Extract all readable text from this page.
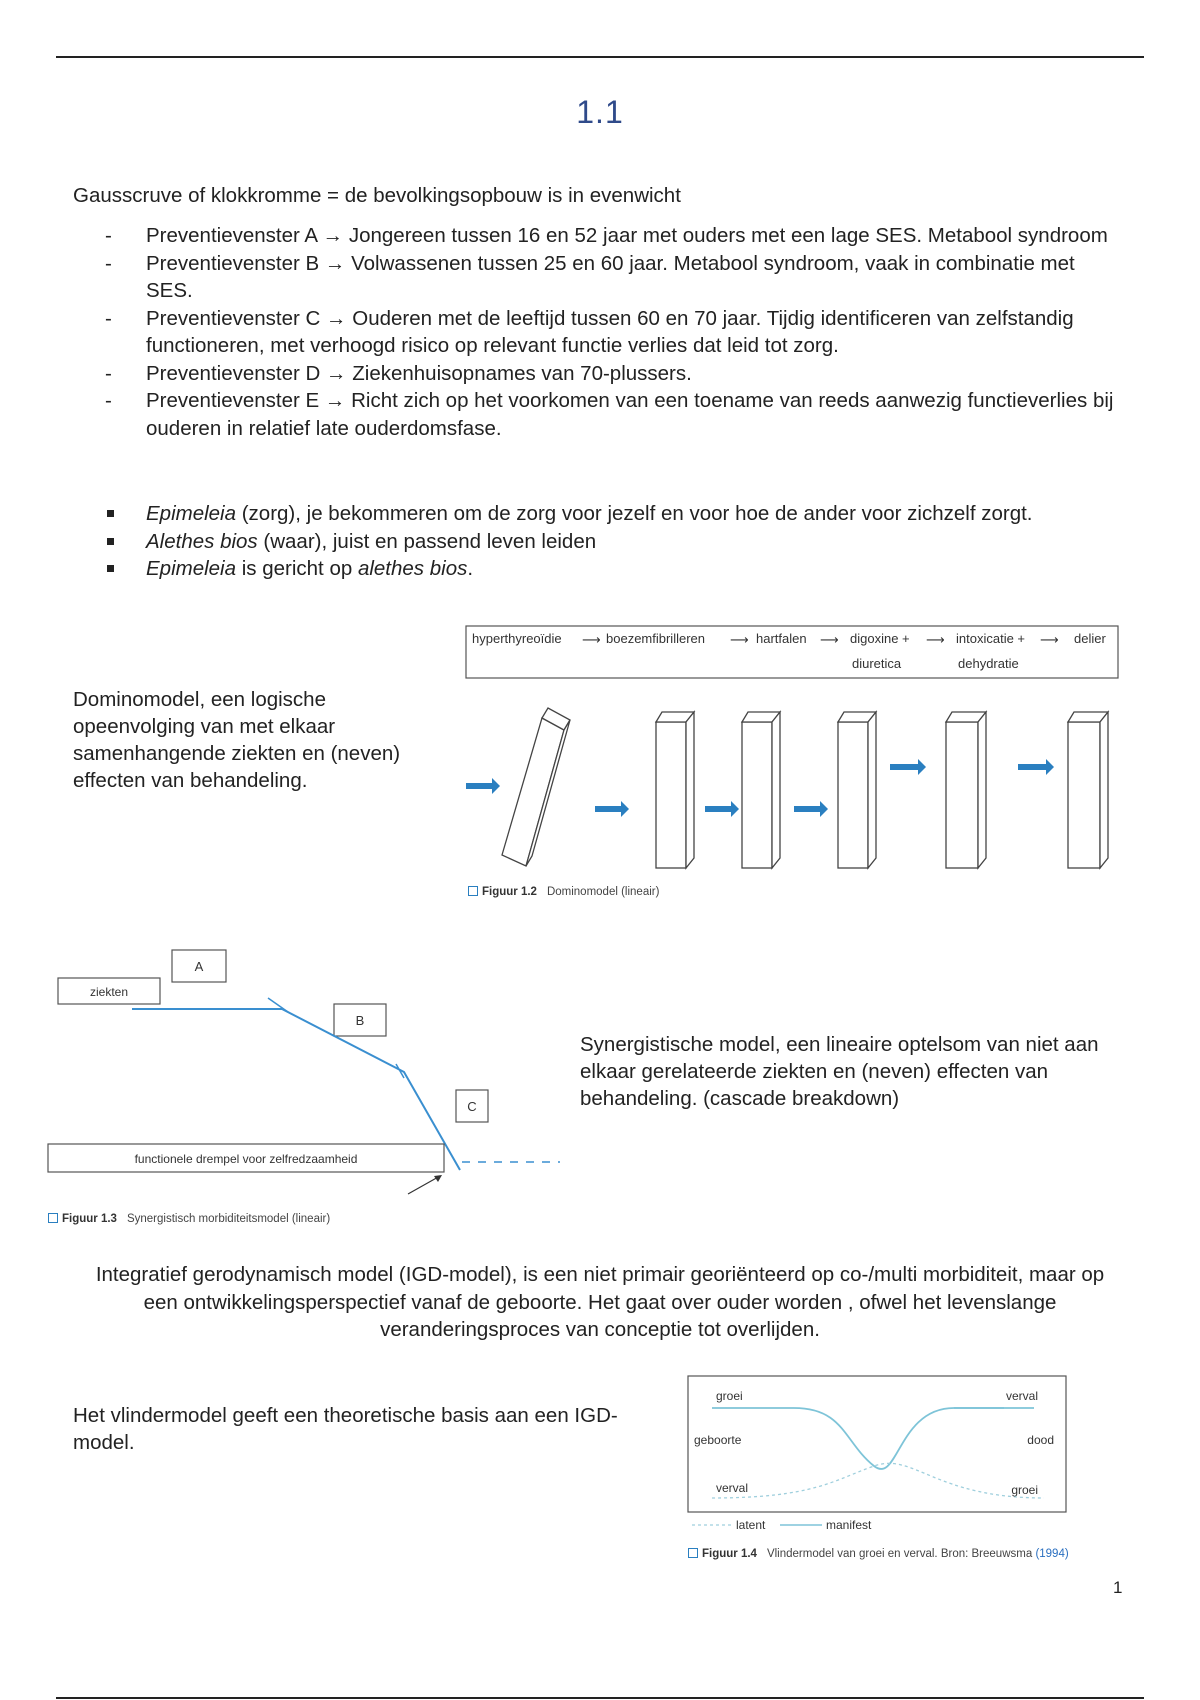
1.1

Gausscruve of klokkromme = de bevolkingsopbouw is in evenwicht

- Preventievenster A → Jongereen tussen 16 en 52 jaar met ouders met een lage SES. Metabool syndroom
- Preventievenster B → Volwassenen tussen 25 en 60 jaar. Metabool syndroom, vaak in combinatie met SES.
- Preventievenster C → Ouderen met de leeftijd tussen 60 en 70 jaar. Tijdig identificeren van zelfstandig functioneren, met verhoogd risico op relevant functie verlies dat leid tot zorg.
- Preventievenster D → Ziekenhuisopnames van 70-plussers.
- Preventievenster E → Richt zich op het voorkomen van een toename van reeds aanwezig functieverlies bij ouderen in relatief late ouderdomsfase.
Epimeleia (zorg), je bekommeren om de zorg voor jezelf en voor hoe de ander voor zichzelf zorgt.
Alethes bios (waar), juist en passend leven leiden
Epimeleia is gericht op alethes bios.

Dominomodel, een logische opeenvolging van met elkaar samenhangende ziekten en (neven) effecten van behandeling.

hyperthyreoïdie ⟶ boezemfibrilleren ⟶ hartfalen ⟶ digoxine + ⟶ intoxicatie + ⟶ delier
diuretica	dehydratie
Figuur 1.2 Dominomodel (lineair)
ziekten
A
B
C
functionele drempel voor zelfredzaamheid
Figuur 1.3 Synergistisch morbiditeitsmodel (lineair)

Synergistische model, een lineaire optelsom van niet aan elkaar gerelateerde ziekten en (neven) effecten van behandeling. (cascade breakdown)

Integratief gerodynamisch model (IGD-model), is een niet primair georiënteerd op co-/multi morbiditeit, maar op een ontwikkelingsperspectief vanaf de geboorte. Het gaat over ouder worden , ofwel het levenslange veranderingsproces van conceptie tot overlijden.

Het vlindermodel geeft een theoretische basis aan een IGD-model.

groei	verval
geboorte	dood
verval	groei
latent	manifest
Figuur 1.4 Vlindermodel van groei en verval. Bron: Breeuwsma (1994)
1
